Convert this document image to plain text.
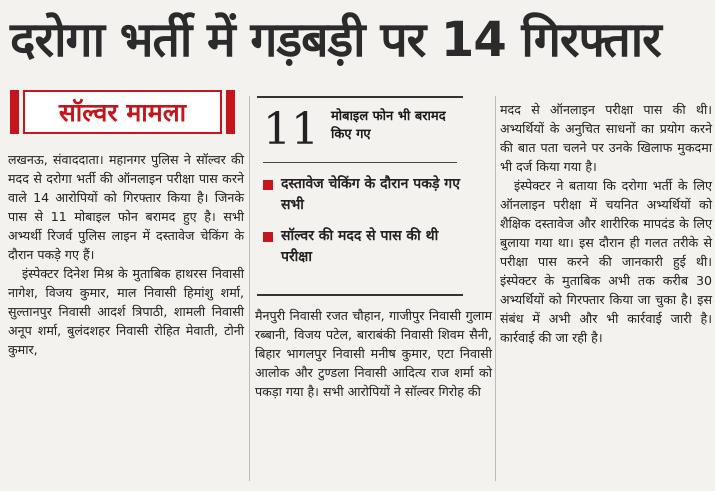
दरोगा भर्ती में गड़बड़ी पर 14 गिरफ्तार
सॉल्वर मामला

लखनऊ, संवाददाता। महानगर पुलिस ने सॉल्वर की मदद से दरोगा भर्ती की ऑनलाइन परीक्षा पास करने वाले 14 आरोपियों को गिरफ्तार किया है। जिनके पास से 11 मोबाइल फोन बरामद हुए है। सभी अभ्यर्थी रिजर्व पुलिस लाइन में दस्तावेज चेकिंग के दौरान पकड़े गए हैं।

इंस्पेक्टर दिनेश मिश्र के मुताबिक हाथरस निवासी नागेश, विजय कुमार, माल निवासी हिमांशु शर्मा, सुल्तानपुर निवासी आदर्श त्रिपाठी, शामली निवासी अनूप शर्मा, बुलंदशहर निवासी रोहित मेवाती, टोनी कुमार,

11 मोबाइल फोन भी बरामद किए गए
दस्तावेज चेकिंग के दौरान पकड़े गए सभी
सॉल्वर की मदद से पास की थी परीक्षा

मैनपुरी निवासी रजत चौहान, गाजीपुर निवासी गुलाम रब्बानी, विजय पटेल, बाराबंकी निवासी शिवम सैनी, बिहार भागलपुर निवासी मनीष कुमार, एटा निवासी आलोक और टुण्डला निवासी आदित्य राज शर्मा को पकड़ा गया है। सभी आरोपियों ने सॉल्वर गिरोह की

मदद से ऑनलाइन परीक्षा पास की थी। अभ्यर्थियों के अनुचित साधनों का प्रयोग करने की बात पता चलने पर उनके खिलाफ मुकदमा भी दर्ज किया गया है।

इंस्पेक्टर ने बताया कि दरोगा भर्ती के लिए ऑनलाइन परीक्षा में चयनित अभ्यर्थियों को शैक्षिक दस्तावेज और शारीरिक मापदंड के लिए बुलाया गया था। इस दौरान ही गलत तरीके से परीक्षा पास करने की जानकारी हुई थी। इंस्पेक्टर के मुताबिक अभी तक करीब 30 अभ्यर्थियों को गिरफ्तार किया जा चुका है। इस संबंध में अभी और भी कार्रवाई जारी है। कार्रवाई की जा रही है।
